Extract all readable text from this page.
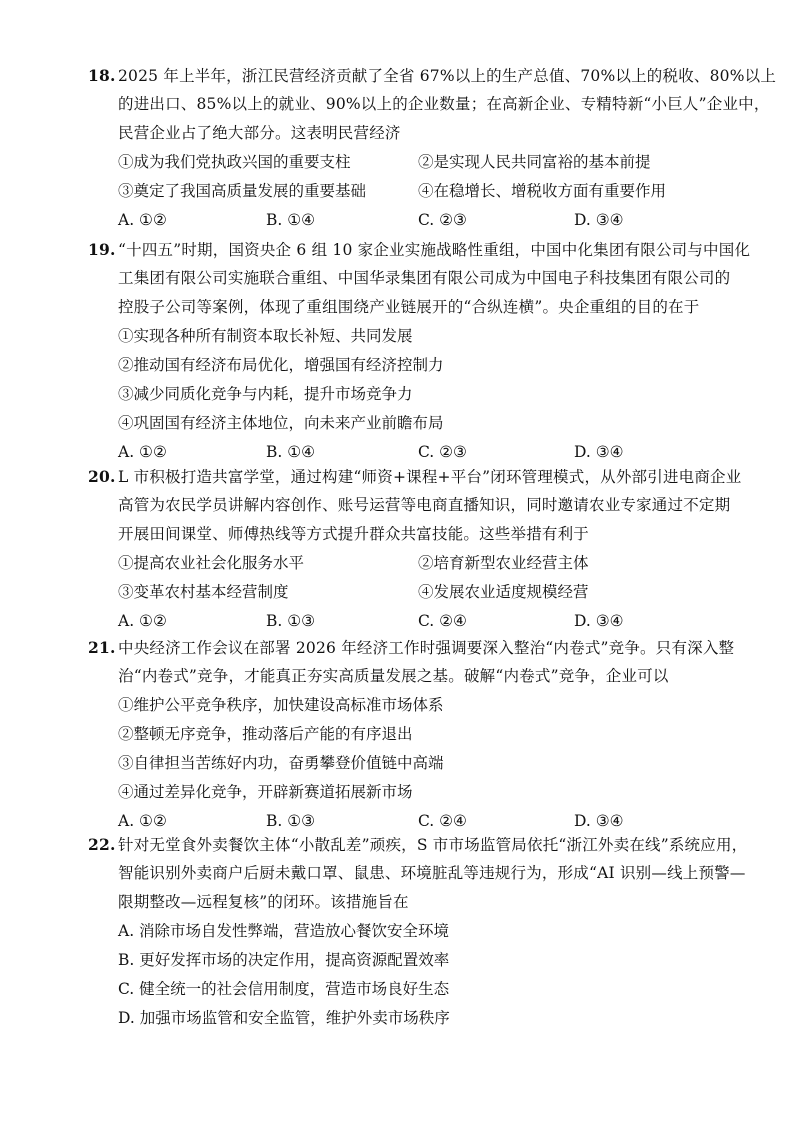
18. 2025 年上半年，浙江民营经济贡献了全省 67%以上的生产总值、70%以上的税收、80%以上
的进出口、85%以上的就业、90%以上的企业数量；在高新企业、专精特新“小巨人”企业中，
民营企业占了绝大部分。这表明民营经济
①成为我们党执政兴国的重要支柱	②是实现人民共同富裕的基本前提
③奠定了我国高质量发展的重要基础	④在稳增长、增税收方面有重要作用
A. ①②	B. ①④	C. ②③	D. ③④
19. “十四五”时期，国资央企 6 组 10 家企业实施战略性重组，中国中化集团有限公司与中国化
工集团有限公司实施联合重组、中国华录集团有限公司成为中国电子科技集团有限公司的
控股子公司等案例，体现了重组围绕产业链展开的“合纵连横”。央企重组的目的在于
①实现各种所有制资本取长补短、共同发展
②推动国有经济布局优化，增强国有经济控制力
③减少同质化竞争与内耗，提升市场竞争力
④巩固国有经济主体地位，向未来产业前瞻布局
A. ①②	B. ①④	C. ②③	D. ③④
20. L 市积极打造共富学堂，通过构建“师资+课程+平台”闭环管理模式，从外部引进电商企业
高管为农民学员讲解内容创作、账号运营等电商直播知识，同时邀请农业专家通过不定期
开展田间课堂、师傅热线等方式提升群众共富技能。这些举措有利于
①提高农业社会化服务水平	②培育新型农业经营主体
③变革农村基本经营制度	④发展农业适度规模经营
A. ①②	B. ①③	C. ②④	D. ③④
21. 中央经济工作会议在部署 2026 年经济工作时强调要深入整治“内卷式”竞争。只有深入整
治“内卷式”竞争，才能真正夯实高质量发展之基。破解“内卷式”竞争，企业可以
①维护公平竞争秩序，加快建设高标准市场体系
②整顿无序竞争，推动落后产能的有序退出
③自律担当苦练好内功，奋勇攀登价值链中高端
④通过差异化竞争，开辟新赛道拓展新市场
A. ①②	B. ①③	C. ②④	D. ③④
22. 针对无堂食外卖餐饮主体“小散乱差”顽疾，S 市市场监管局依托“浙江外卖在线”系统应用，
智能识别外卖商户后厨未戴口罩、鼠患、环境脏乱等违规行为，形成“AI 识别—线上预警—
限期整改—远程复核”的闭环。该措施旨在
A. 消除市场自发性弊端，营造放心餐饮安全环境
B. 更好发挥市场的决定作用，提高资源配置效率
C. 健全统一的社会信用制度，营造市场良好生态
D. 加强市场监管和安全监管，维护外卖市场秩序
